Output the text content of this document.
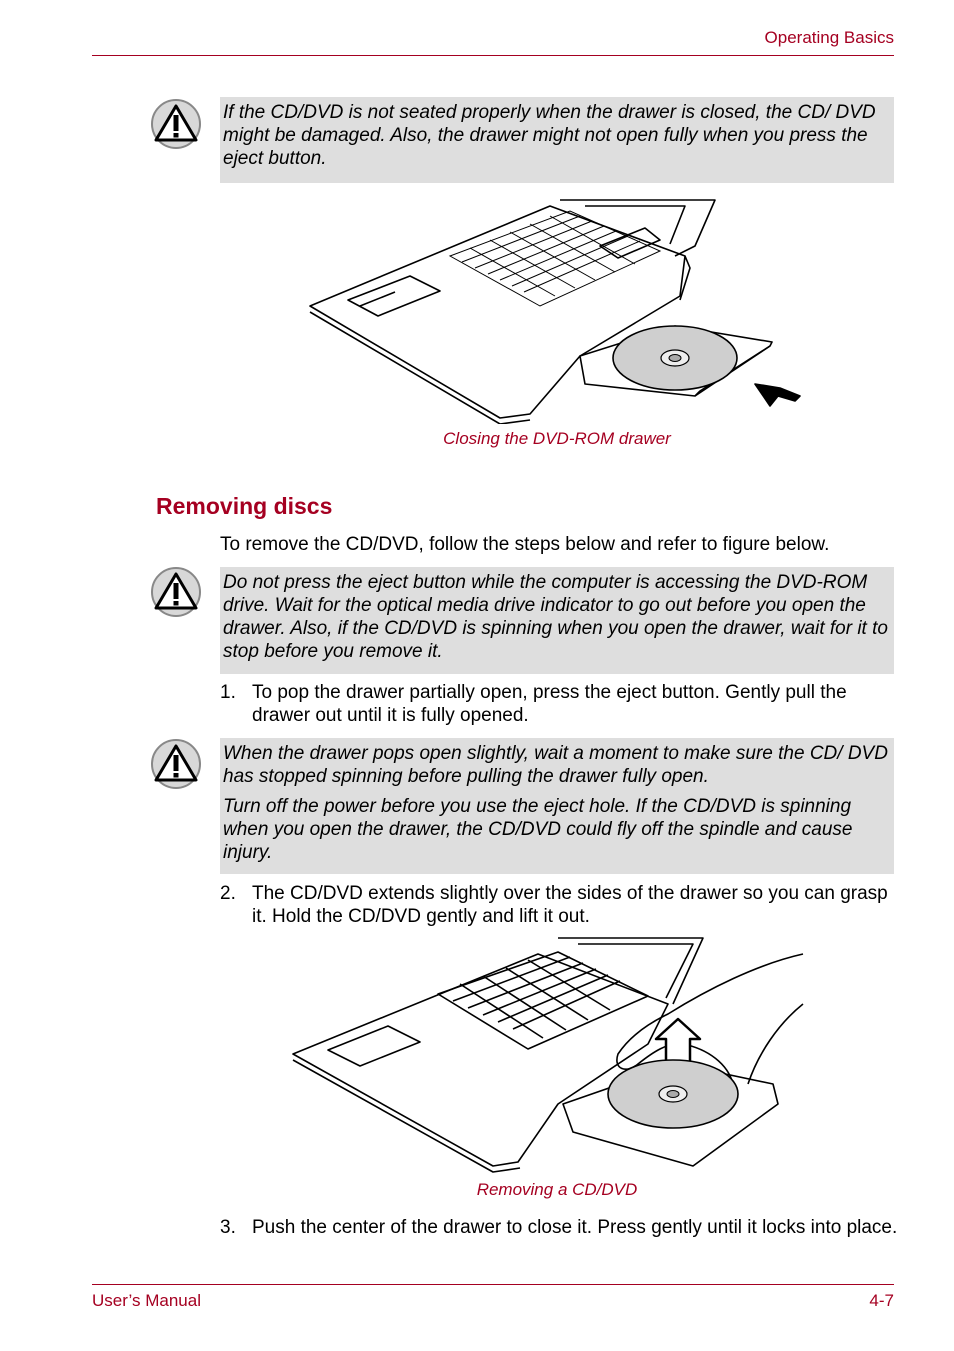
Operating Basics

If the CD/DVD is not seated properly when the drawer is closed, the CD/ DVD might be damaged. Also, the drawer might not open fully when you press the eject button.

Closing the DVD-ROM drawer
Removing discs
To remove the CD/DVD, follow the steps below and refer to figure below.

Do not press the eject button while the computer is accessing the DVD-ROM drive. Wait for the optical media drive indicator to go out before you open the drawer. Also, if the CD/DVD is spinning when you open the drawer, wait for it to stop before you remove it.

1. To pop the drawer partially open, press the eject button. Gently pull the drawer out until it is fully opened.

When the drawer pops open slightly, wait a moment to make sure the CD/ DVD has stopped spinning before pulling the drawer fully open.

Turn off the power before you use the eject hole. If the CD/DVD is spinning when you open the drawer, the CD/DVD could fly off the spindle and cause injury.

2. The CD/DVD extends slightly over the sides of the drawer so you can grasp it. Hold the CD/DVD gently and lift it out.
Removing a CD/DVD
3. Push the center of the drawer to close it. Press gently until it locks into place.
User’s Manual	4-7
